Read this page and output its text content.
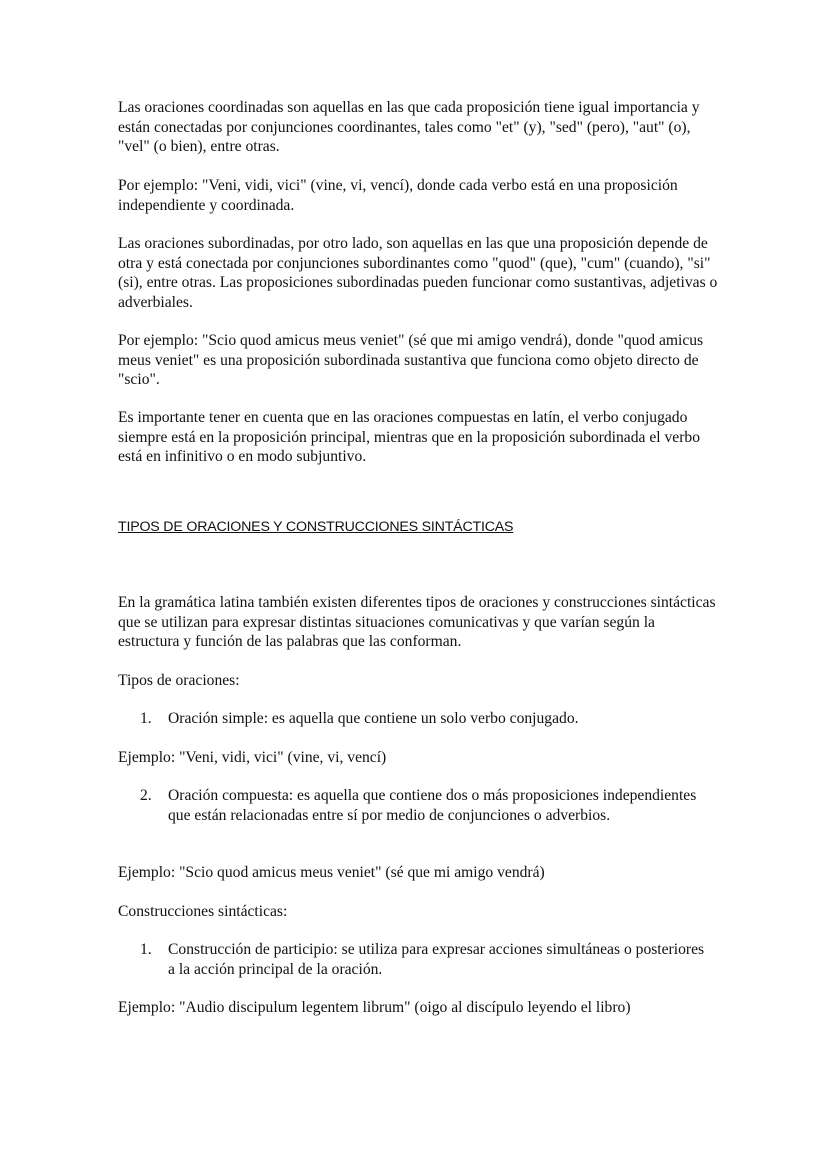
Las oraciones coordinadas son aquellas en las que cada proposición tiene igual importancia y están conectadas por conjunciones coordinantes, tales como "et" (y), "sed" (pero), "aut" (o), "vel" (o bien), entre otras.

Por ejemplo: "Veni, vidi, vici" (vine, vi, vencí), donde cada verbo está en una proposición independiente y coordinada.

Las oraciones subordinadas, por otro lado, son aquellas en las que una proposición depende de otra y está conectada por conjunciones subordinantes como "quod" (que), "cum" (cuando), "si" (si), entre otras. Las proposiciones subordinadas pueden funcionar como sustantivas, adjetivas o adverbiales.

Por ejemplo: "Scio quod amicus meus veniet" (sé que mi amigo vendrá), donde "quod amicus meus veniet" es una proposición subordinada sustantiva que funciona como objeto directo de "scio".

Es importante tener en cuenta que en las oraciones compuestas en latín, el verbo conjugado siempre está en la proposición principal, mientras que en la proposición subordinada el verbo está en infinitivo o en modo subjuntivo.

TIPOS DE ORACIONES Y CONSTRUCCIONES SINTÁCTICAS

En la gramática latina también existen diferentes tipos de oraciones y construcciones sintácticas que se utilizan para expresar distintas situaciones comunicativas y que varían según la estructura y función de las palabras que las conforman.

Tipos de oraciones:

1.	Oración simple: es aquella que contiene un solo verbo conjugado.

Ejemplo: "Veni, vidi, vici" (vine, vi, vencí)

2.	Oración compuesta: es aquella que contiene dos o más proposiciones independientes que están relacionadas entre sí por medio de conjunciones o adverbios.

Ejemplo: "Scio quod amicus meus veniet" (sé que mi amigo vendrá)

Construcciones sintácticas:

1.	Construcción de participio: se utiliza para expresar acciones simultáneas o posteriores a la acción principal de la oración.

Ejemplo: "Audio discipulum legentem librum" (oigo al discípulo leyendo el libro)
